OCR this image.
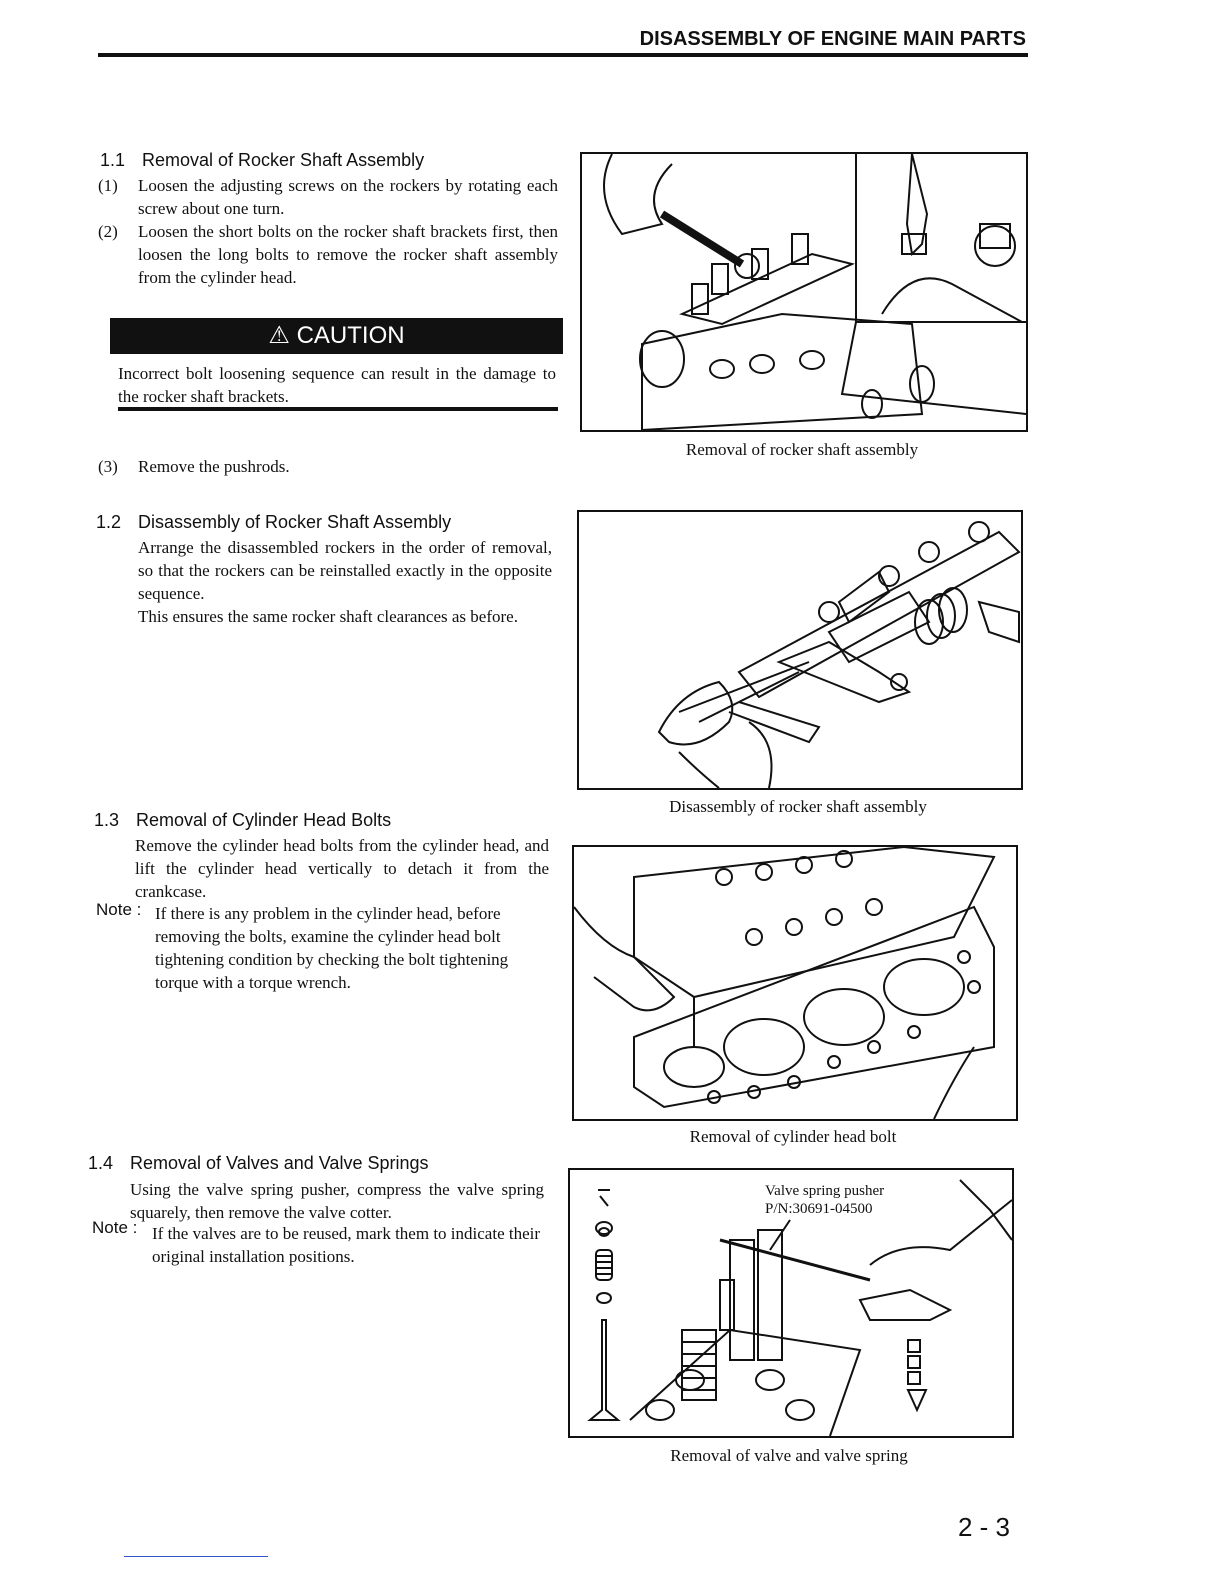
DISASSEMBLY OF ENGINE MAIN PARTS
1.1 Removal of Rocker Shaft Assembly
(1) Loosen the adjusting screws on the rockers by rotating each screw about one turn.
(2) Loosen the short bolts on the rocker shaft brackets first, then loosen the long bolts to remove the rocker shaft assembly from the cylinder head.
⚠ CAUTION
Incorrect bolt loosening sequence can result in the damage to the rocker shaft brackets.
(3) Remove the pushrods.
1.2 Disassembly of Rocker Shaft Assembly
Arrange the disassembled rockers in the order of removal, so that the rockers can be reinstalled exactly in the opposite sequence.
This ensures the same rocker shaft clearances as before.
1.3 Removal of Cylinder Head Bolts
Remove the cylinder head bolts from the cylinder head, and lift the cylinder head vertically to detach it from the crankcase.
Note : If there is any problem in the cylinder head, before removing the bolts, examine the cylinder head bolt tightening condition by checking the bolt tightening torque with a torque wrench.
1.4 Removal of Valves and Valve Springs
Using the valve spring pusher, compress the valve spring squarely, then remove the valve cotter.
Note : If the valves are to be reused, mark them to indicate their original installation positions.
Removal of rocker shaft assembly
Disassembly of rocker shaft assembly
Removal of cylinder head bolt
Valve spring pusher
P/N:30691-04500
Removal of valve and valve spring
2 - 3
